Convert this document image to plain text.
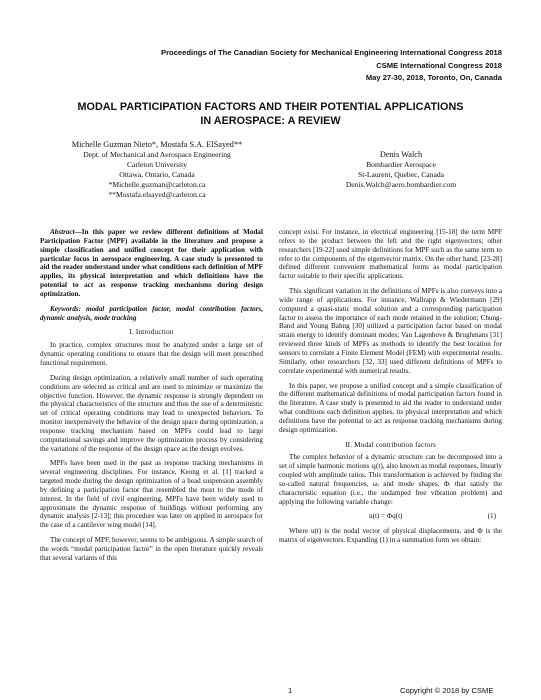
Proceedings of The Canadian Society for Mechanical Engineering International Congress 2018
CSME International Congress 2018
May 27-30, 2018, Toronto, On, Canada
MODAL PARTICIPATION FACTORS AND THEIR POTENTIAL APPLICATIONS
IN AEROSPACE: A REVIEW
Michelle Guzman Nieto*, Mostafa S.A. ElSayed**
Dept. of Mechanical and Aerospace Engineering
Carleton University
Ottawa, Ontario, Canada
*Michelle.guzman@carleton.ca
**Mostafa.elsayed@carleton.ca
Denis Walch
Bombardier Aerospace
St-Laurent, Quebec, Canada
Denis.Walch@aero.bombardier.com

Abstract—In this paper we review different definitions of Modal Participation Factor (MPF) available in the literature and propose a simple classification and unified concept for their application with particular focus in aerospace engineering. A case study is presented to aid the reader understand under what conditions each definition of MPF applies, its physical interpretation and which definitions have the potential to act as response tracking mechanisms during design optimization.

Keywords: modal participation factor, modal contribution factors, dynamic analysis, mode tracking

I. Introduction

In practice, complex structures must be analyzed under a large set of dynamic operating conditions to ensure that the design will meet prescribed functional requirement.

During design optimization, a relatively small number of such operating conditions are selected as critical and are used to minimize or maximize the objective function. However, the dynamic response is strongly dependent on the physical characteristics of the structure and thus the use of a deterministic set of critical operating conditions may lead to unexpected behaviors. To monitor inexpensively the behavior of the design space during optimization, a response tracking mechanism based on MPFs could lead to large computational savings and improve the optimization process by considering the variations of the response of the design space as the design evolves.

MPFs have been used in the past as response tracking mechanisms in several engineering disciplines. For instance, Keong et al. [1] tracked a targeted mode during the design optimization of a head suspension assembly by defining a participation factor that resembled the most to the mode of interest. In the field of civil engineering, MPFs have been widely used to approximate the dynamic response of buildings without performing any dynamic analysis [2-13]; this procedure was later on applied in aerospace for the case of a cantilever wing model [14].

The concept of MPF, however, seems to be ambiguous. A simple search of the words “modal participation factor” in the open literature quickly reveals that several variants of this

concept exist. For instance, in electrical engineering [15-18] the term MPF refers to the product between the left and the right eigenvectors; other researchers [19-22] used simple definitions for MPF such as the same term to refer to the components of the eigenvector matrix. On the other hand, [23-28] defined different convenient mathematical forms as modal participation factor suitable to their specific applications.

This significant variation in the definitions of MPFs is also conveys into a wide range of applications. For instance, Wallrapp & Wiedermann [29] computed a quasi-static modal solution and a corresponding participation factor to assess the importance of each mode retained in the solution; Chung-Band and Young Bahng [30] utilized a participation factor based on modal strain energy to identify dominant modes; Van Lagenhove & Brughmans [31] reviewed three kinds of MPFs as methods to identify the best location for sensors to correlate a Finite Element Model (FEM) with experimental results. Similarly, other researchers [32, 33] used different definitions of MPFs to correlate experimental with numerical results.

In this paper, we propose a unified concept and a simple classification of the different mathematical definitions of modal participation factors found in the literature. A case study is presented to aid the reader to understand under what conditions each definition applies, its physical interpretation and which definitions have the potential to act as response tracking mechanisms during design optimization.

II. Modal contribution factors

The complex behavior of a dynamic structure can be decomposed into a set of simple harmonic motions qᵢ(t), also known as modal responses, linearly coupled with amplitude ratios. This transformation is achieved by finding the so-called natural frequencies, ωᵢ and mode shapes, Φᵢ that satisfy the characteristic equation (i.e., the undamped free vibration problem) and applying the following variable change:

u(t) = Φq(t)	(1)

Where u(t) is the nodal vector of physical displacements, and Φ is the matrix of eigenvectors. Expanding (1) in a summation form we obtain:

1	Copyright © 2018 by CSME
